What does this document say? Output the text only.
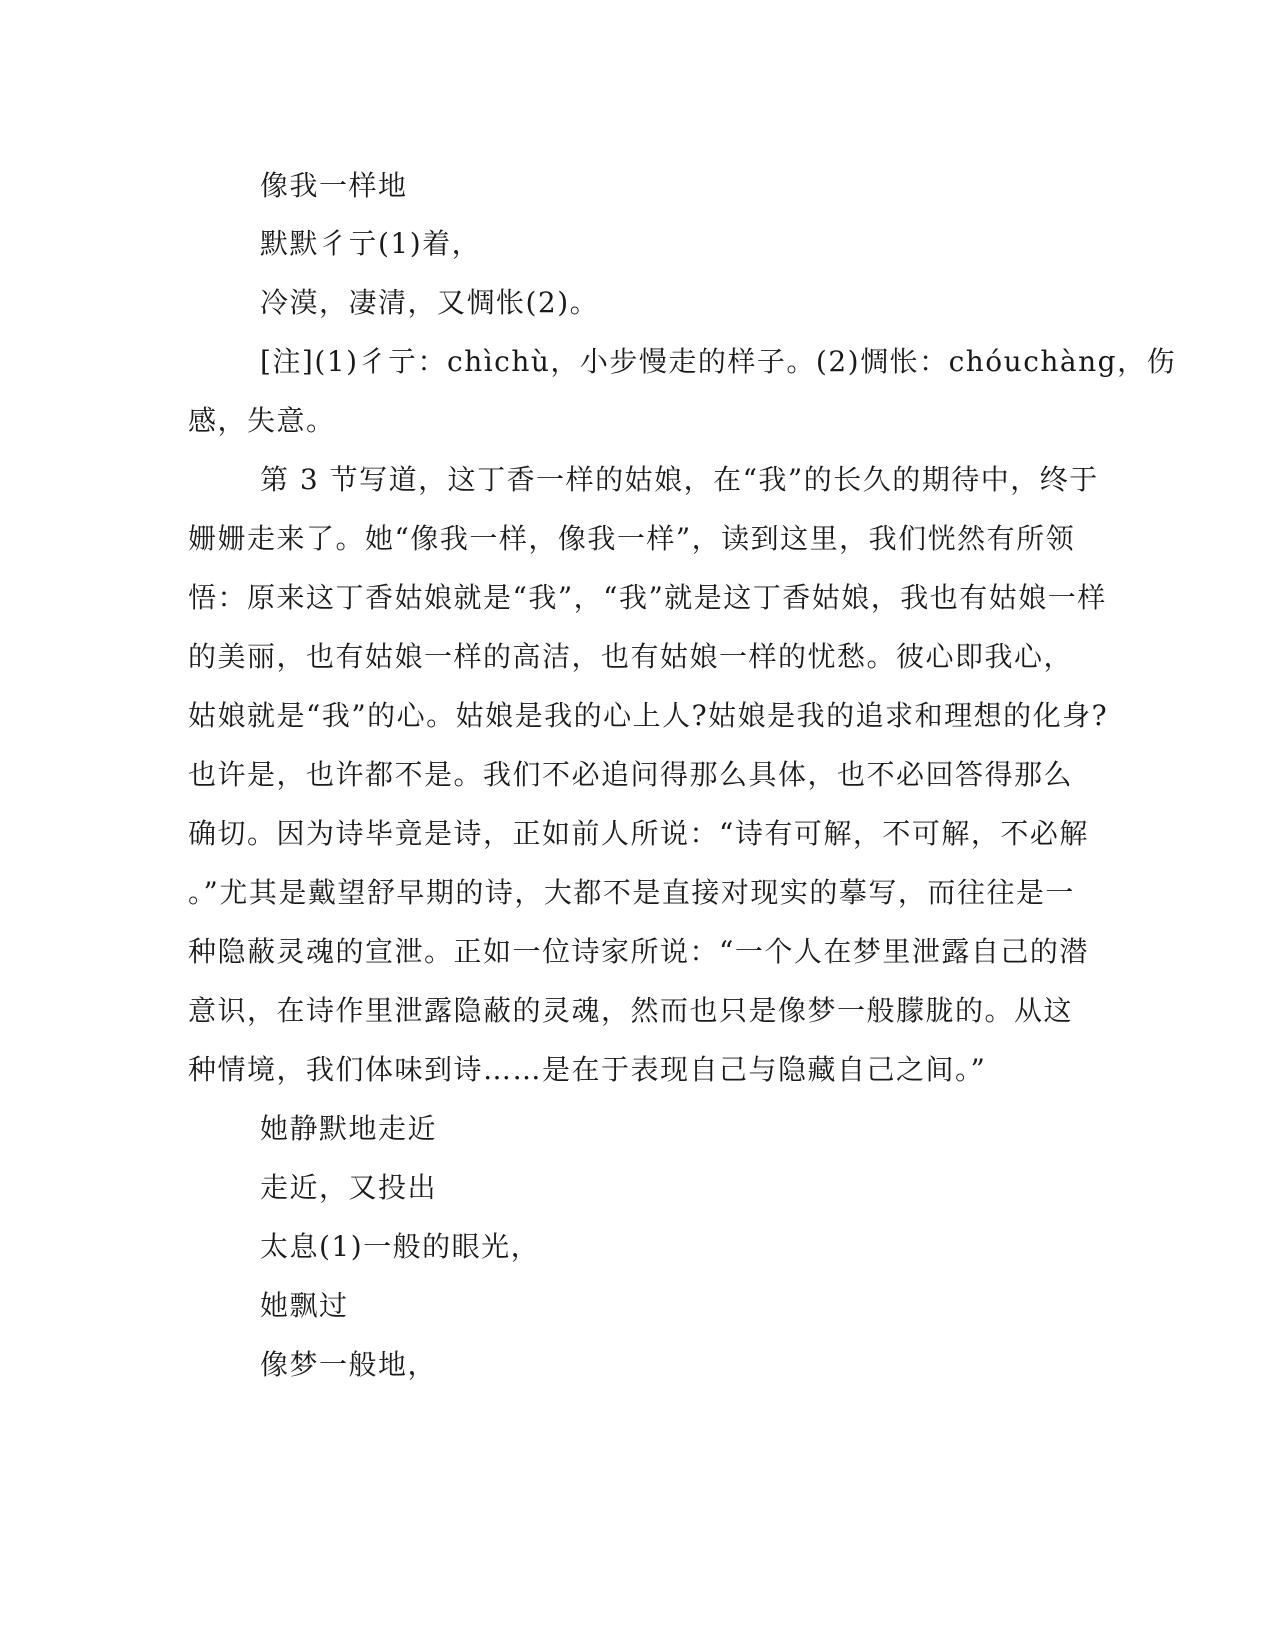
像我一样地
默默彳亍(1)着，
冷漠，凄清，又惆怅(2)。
[注](1)彳亍：chìchù，小步慢走的样子。(2)惆怅：chóuchàng，伤
感，失意。
第 3 节写道，这丁香一样的姑娘，在“我”的长久的期待中，终于
姗姗走来了。她“像我一样，像我一样”，读到这里，我们恍然有所领
悟：原来这丁香姑娘就是“我”，“我”就是这丁香姑娘，我也有姑娘一样
的美丽，也有姑娘一样的高洁，也有姑娘一样的忧愁。彼心即我心，
姑娘就是“我”的心。姑娘是我的心上人?姑娘是我的追求和理想的化身?
也许是，也许都不是。我们不必追问得那么具体，也不必回答得那么
确切。因为诗毕竟是诗，正如前人所说：“诗有可解，不可解，不必解
。”尤其是戴望舒早期的诗，大都不是直接对现实的摹写，而往往是一
种隐蔽灵魂的宣泄。正如一位诗家所说：“一个人在梦里泄露自己的潜
意识，在诗作里泄露隐蔽的灵魂，然而也只是像梦一般朦胧的。从这
种情境，我们体味到诗……是在于表现自己与隐藏自己之间。”
她静默地走近
走近，又投出
太息(1)一般的眼光，
她飘过
像梦一般地，
